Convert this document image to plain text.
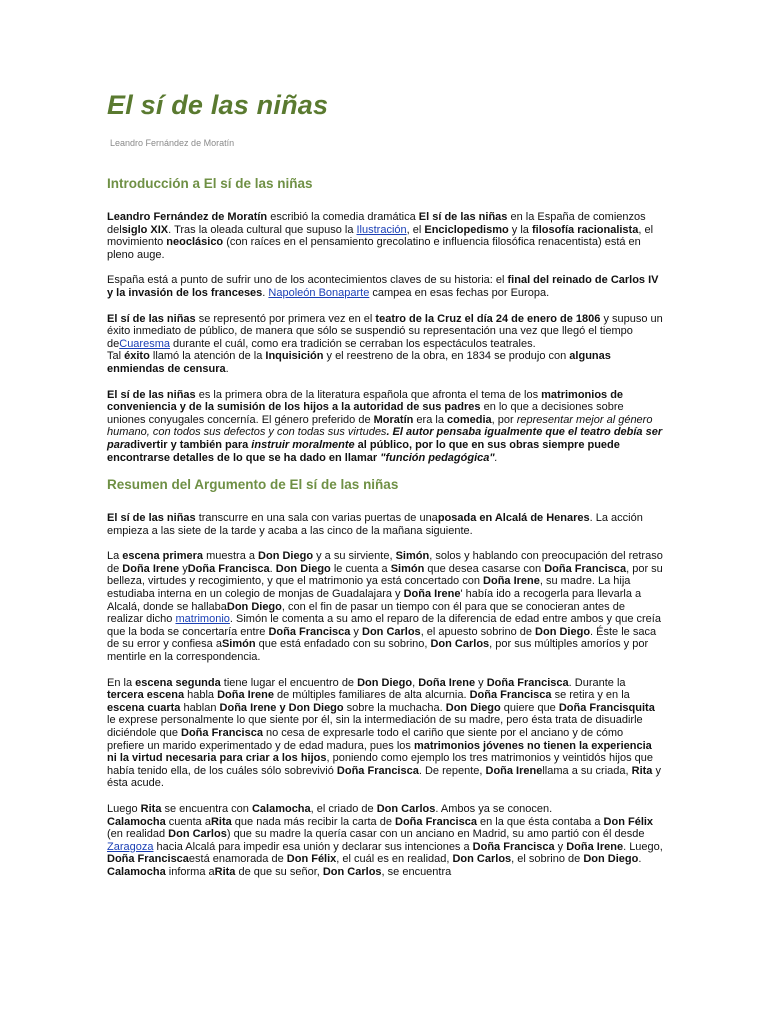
El sí de las niñas
Leandro Fernández de Moratín
Introducción a El sí de las niñas

Leandro Fernández de Moratín escribió la comedia dramática El sí de las niñas en la España de comienzos delsiglo XIX. Tras la oleada cultural que supuso la Ilustración, el Enciclopedismo y la filosofía racionalista, el movimiento neoclásico (con raíces en el pensamiento grecolatino e influencia filosófica renacentista) está en pleno auge.

España está a punto de sufrir uno de los acontecimientos claves de su historia: el final del reinado de Carlos IV y la invasión de los franceses. Napoleón Bonaparte campea en esas fechas por Europa.

El sí de las niñas se representó por primera vez en el teatro de la Cruz el día 24 de enero de 1806 y supuso un éxito inmediato de público, de manera que sólo se suspendió su representación una vez que llegó el tiempo deCuaresma durante el cuál, como era tradición se cerraban los espectáculos teatrales.
Tal éxito llamó la atención de la Inquisición y el reestreno de la obra, en 1834 se produjo con algunas enmiendas de censura.

El sí de las niñas es la primera obra de la literatura española que afronta el tema de los matrimonios de conveniencia y de la sumisión de los hijos a la autoridad de sus padres en lo que a decisiones sobre uniones conyugales concernía. El género preferido de Moratín era la comedia, por representar mejor al género humano, con todos sus defectos y con todas sus virtudes. El autor pensaba igualmente que el teatro debía ser paradivertir y también para instruir moralmente al público, por lo que en sus obras siempre puede encontrarse detalles de lo que se ha dado en llamar "función pedagógica".

Resumen del Argumento de El sí de las niñas

El sí de las niñas transcurre en una sala con varias puertas de unaposada en Alcalá de Henares. La acción empieza a las siete de la tarde y acaba a las cinco de la mañana siguiente.

La escena primera muestra a Don Diego y a su sirviente, Simón, solos y hablando con preocupación del retraso de Doña Irene yDoña Francisca. Don Diego le cuenta a Simón que desea casarse con Doña Francisca, por su belleza, virtudes y recogimiento, y que el matrimonio ya está concertado con Doña Irene, su madre. La hija estudiaba interna en un colegio de monjas de Guadalajara y Doña Irene' había ido a recogerla para llevarla a Alcalá, donde se hallabaDon Diego, con el fin de pasar un tiempo con él para que se conocieran antes de realizar dicho matrimonio. Simón le comenta a su amo el reparo de la diferencia de edad entre ambos y que creía que la boda se concertaría entre Doña Francisca y Don Carlos, el apuesto sobrino de Don Diego. Éste le saca de su error y confiesa aSimón que está enfadado con su sobrino, Don Carlos, por sus múltiples amoríos y por mentirle en la correspondencia.

En la escena segunda tiene lugar el encuentro de Don Diego, Doña Irene y Doña Francisca. Durante la tercera escena habla Doña Irene de múltiples familiares de alta alcurnia. Doña Francisca se retira y en la escena cuarta hablan Doña Irene y Don Diego sobre la muchacha. Don Diego quiere que Doña Francisquita le exprese personalmente lo que siente por él, sin la intermediación de su madre, pero ésta trata de disuadirle diciéndole que Doña Francisca no cesa de expresarle todo el cariño que siente por el anciano y de cómo prefiere un marido experimentado y de edad madura, pues los matrimonios jóvenes no tienen la experiencia ni la virtud necesaria para criar a los hijos, poniendo como ejemplo los tres matrimonios y veintidós hijos que había tenido ella, de los cuáles sólo sobrevivió Doña Francisca. De repente, Doña Irenellama a su criada, Rita y ésta acude.

Luego Rita se encuentra con Calamocha, el criado de Don Carlos. Ambos ya se conocen.
Calamocha cuenta aRita que nada más recibir la carta de Doña Francisca en la que ésta contaba a Don Félix (en realidad Don Carlos) que su madre la quería casar con un anciano en Madrid, su amo partió con él desde Zaragoza hacia Alcalá para impedir esa unión y declarar sus intenciones a Doña Francisca y Doña Irene. Luego, Doña Franciscaestá enamorada de Don Félix, el cuál es en realidad, Don Carlos, el sobrino de Don Diego. Calamocha informa aRita de que su señor, Don Carlos, se encuentra
